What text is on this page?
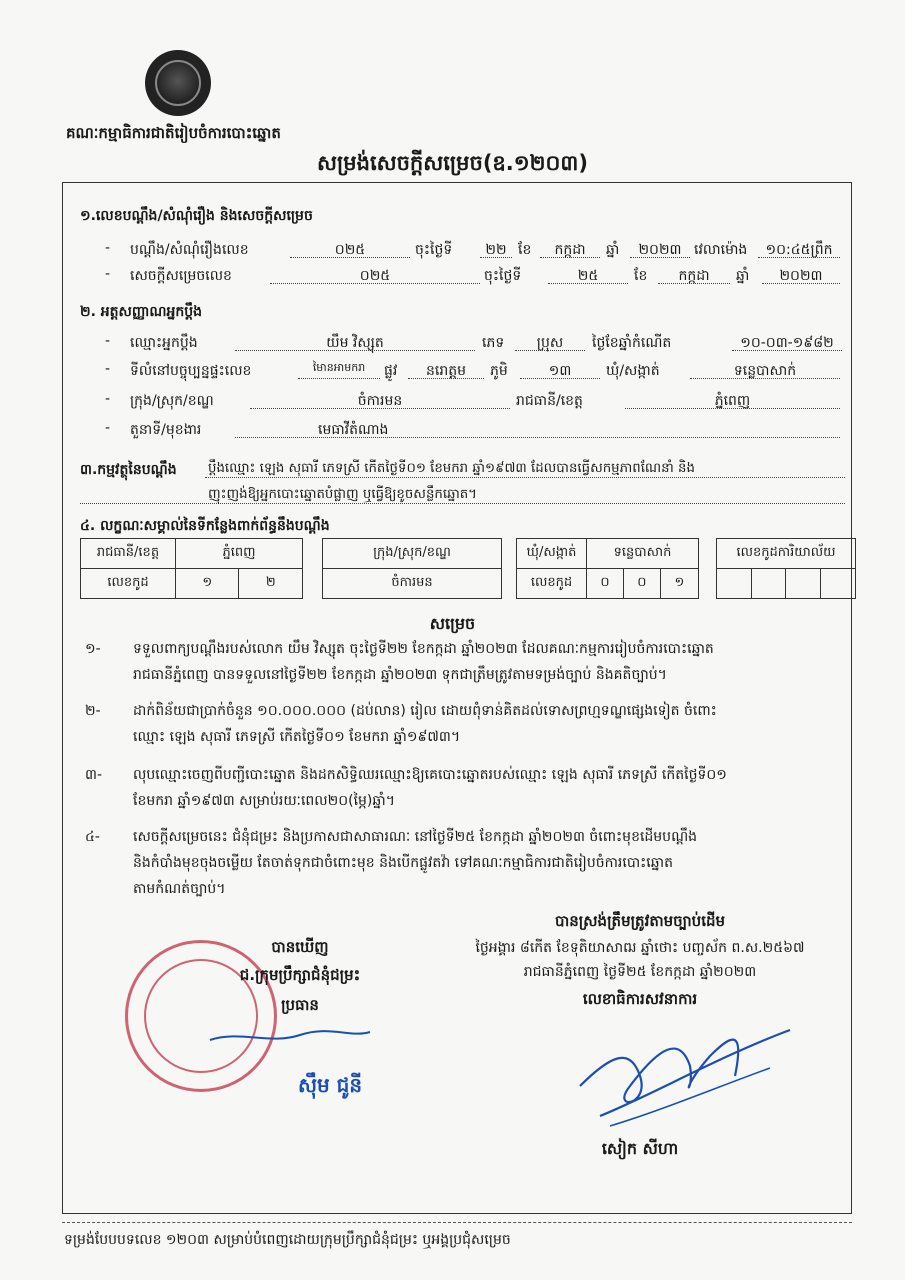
គណៈកម្មាធិការជាតិរៀបចំការបោះឆ្នោត
សម្រង់សេចក្ដីសម្រេច(ឧ.១២០៣)
១.លេខបណ្ដឹង/សំណុំរឿង និងសេចក្ដីសម្រេច
- បណ្ដឹង/សំណុំរឿងលេខ	០២៥	ចុះថ្ងៃទី	២២ ខែ	កក្កដា	ឆ្នាំ	២០២៣ វេលាម៉ោង	១០:៤៥ព្រឹក
- សេចក្ដីសម្រេចលេខ	០២៥	ចុះថ្ងៃទី	២៥	ខែ	កក្កដា	ឆ្នាំ	២០២៣
២. អត្តសញ្ញាណអ្នកប្ដឹង
- ឈ្មោះអ្នកប្ដឹង	យឹម វិស្សុត	ភេទ	ប្រុស	ថ្ងៃខែឆ្នាំកំណើត	១០-០៣-១៩៨២
- ទីលំនៅបច្ចុប្បន្នផ្ទះលេខ	មៃានអាមករា	ផ្លូវ	នរោត្តម	ភូមិ	១៣	ឃុំ/សង្កាត់	ទន្លេបាសាក់
- ក្រុង/ស្រុក/ខណ្ឌ	ចំការមន	រាជធានី/ខេត្ត	ភ្នំពេញ
- តួនាទី/មុខងារ	មេធាវីតំណាង
៣.កម្មវត្ថុនៃបណ្ដឹង ប្ដឹងឈ្មោះ ឡេង សុធារី ភេទស្រី កើតថ្ងៃទី០១ ខែមករា ឆ្នាំ១៩៧៣ ដែលបានធ្វើសកម្មភាពណែនាំ និង
ញុះញង់ឱ្យអ្នកបោះឆ្នោតបំផ្លាញ ឬធ្វើឱ្យខូចសន្លឹកឆ្នោត។
៤. លក្ខណៈសម្គាល់នៃទីកន្លែងពាក់ព័ន្ធនឹងបណ្ដឹង
រាជធានី/ខេត្ត	ភ្នំពេញ	
លេខកូដ	១	២
ក្រុង/ស្រុក/ខណ្ឌ
ចំការមន
ឃុំ/សង្កាត់	ទន្លេបាសាក់		
លេខកូដ	០	០	១
លេខកូដការិយាល័យ

សម្រេច
១- ទទួលពាក្យបណ្ដឹងរបស់លោក យឹម វិស្សុត ចុះថ្ងៃទី២២ ខែកក្កដា ឆ្នាំ២០២៣ ដែលគណៈកម្មការរៀបចំការបោះឆ្នោត
រាជធានីភ្នំពេញ បានទទួលនៅថ្ងៃទី២២ ខែកក្កដា ឆ្នាំ២០២៣ ទុកជាត្រឹមត្រូវតាមទម្រង់ច្បាប់ និងគតិច្បាប់។
២- ដាក់ពិន័យជាប្រាក់ចំនួន ១០.០០០.០០០ (ដប់លាន) រៀល ដោយពុំទាន់គិតដល់ទោសព្រហ្មទណ្ឌផ្សេងទៀត ចំពោះ
ឈ្មោះ ឡេង សុធារី ភេទស្រី កើតថ្ងៃទី០១ ខែមករា ឆ្នាំ១៩៧៣។
៣- លុបឈ្មោះចេញពីបញ្ជីបោះឆ្នោត និងដកសិទ្ធិឈរឈ្មោះឱ្យគេបោះឆ្នោតរបស់ឈ្មោះ ឡេង សុធារី ភេទស្រី កើតថ្ងៃទី០១
ខែមករា ឆ្នាំ១៩៧៣ សម្រាប់រយៈពេល២០(ម្ភៃ)ឆ្នាំ។
៤- សេចក្ដីសម្រេចនេះ ជំនុំជម្រះ និងប្រកាសជាសាធារណៈ នៅថ្ងៃទី២៥ ខែកក្កដា ឆ្នាំ២០២៣ ចំពោះមុខដើមបណ្ដឹង
និងកំបាំងមុខចុងចម្លើយ តែចាត់ទុកជាចំពោះមុខ និងបើកផ្លូវតវ៉ា ទៅគណៈកម្មាធិការជាតិរៀបចំការបោះឆ្នោត
តាមកំណត់ច្បាប់។
បានស្រង់ត្រឹមត្រូវតាមច្បាប់ដើម
ថ្ងៃអង្គារ ៨កើត ខែទុតិយាសាឍ ឆ្នាំថោះ បញ្ចស័ក ព.ស.២៥៦៧
រាជធានីភ្នំពេញ ថ្ងៃទី២៥ ខែកក្កដា ឆ្នាំ២០២៣
លេខាធិការសវនាការ
សៀក សីហា
បានឃើញ
ជ.ក្រុមប្រឹក្សាជំនុំជម្រះ
ប្រធាន
ស៊ឹម ជូនី
ទម្រង់បែបបទលេខ ១២០៣ សម្រាប់បំពេញដោយក្រុមប្រឹក្សាជំនុំជម្រះ ឬអង្គប្រជុំសម្រេច
